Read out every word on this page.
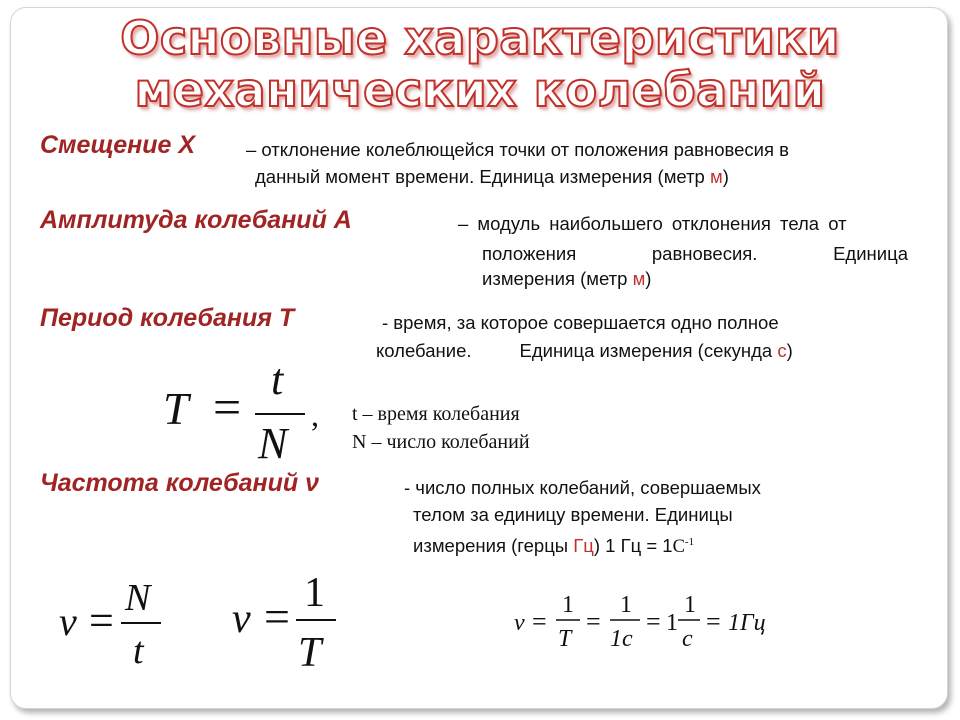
Основные характеристики
механических колебаний

Смещение Х	– отклонение колеблющейся точки от положения равновесия в

данный момент времени. Единица измерения (метр м)

Амплитуда колебаний А	– модуль наибольшего отклонения тела от

положения	равновесия.	Единица

измерения (метр м)

Период колебания Т	- время, за которое совершается одно полное

колебание.	Единица измерения (секунда с)

T = t
N
, t – время колебания

N – число колебаний

Частота колебаний ν	- число полных колебаний, совершаемых

телом за единицу времени. Единицы

измерения (герцы Гц) 1 Гц = $1С^{-1}$

ν = N
t
ν = 1
T
ν =
1
T
=
1
1с
= 1
1
с
= 1Гц
